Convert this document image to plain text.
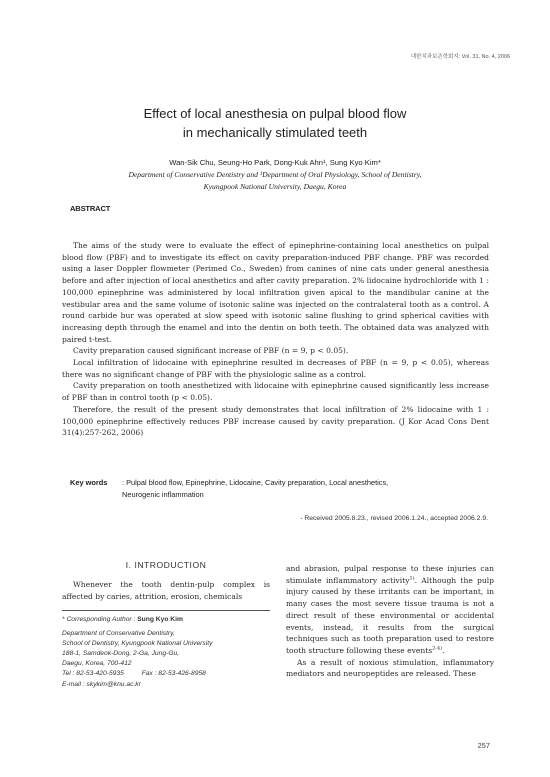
대한치과보존학회지: Vol. 31, No. 4, 2006
Effect of local anesthesia on pulpal blood flow
in mechanically stimulated teeth
Wan-Sik Chu, Seung-Ho Park, Dong-Kuk Ahn¹, Sung Kyo Kim*
Department of Conservative Dentistry and ¹Department of Oral Physiology, School of Dentistry,
Kyungpook National University, Daegu, Korea
ABSTRACT

The aims of the study were to evaluate the effect of epinephrine-containing local anesthetics on pulpal blood flow (PBF) and to investigate its effect on cavity preparation-induced PBF change. PBF was recorded using a laser Doppler flowmeter (Perimed Co., Sweden) from canines of nine cats under general anesthesia before and after injection of local anesthetics and after cavity preparation. 2% lidocaine hydrochloride with 1 : 100,000 epinephrine was administered by local infiltration given apical to the mandibular canine at the vestibular area and the same volume of isotonic saline was injected on the contralateral tooth as a control. A round carbide bur was operated at slow speed with isotonic saline flushing to grind spherical cavities with increasing depth through the enamel and into the dentin on both teeth. The obtained data was analyzed with paired t-test.

Cavity preparation caused significant increase of PBF (n = 9, p < 0.05).

Local infiltration of lidocaine with epinephrine resulted in decreases of PBF (n = 9, p < 0.05), whereas there was no significant change of PBF with the physiologic saline as a control.

Cavity preparation on tooth anesthetized with lidocaine with epinephrine caused significantly less increase of PBF than in control tooth (p < 0.05).

Therefore, the result of the present study demonstrates that local infiltration of 2% lidocaine with 1 : 100,000 epinephrine effectively reduces PBF increase caused by cavity preparation. (J Kor Acad Cons Dent 31(4):257-262, 2006)

Key words	: Pulpal blood flow, Epinephrine, Lidocaine, Cavity preparation, Local anesthetics,
Neurogenic inflammation
- Received 2005.8.23., revised 2006.1.24., accepted 2006.2.9.
Ⅰ. INTRODUCTION

Whenever the tooth dentin-pulp complex is affected by caries, attrition, erosion, chemicals

* Corresponding Author : Sung Kyo Kim
Department of Conservative Dentistry,
School of Dentistry, Kyungpook National University
188-1, Samdeok-Dong, 2-Ga, Jung-Gu,
Daegu, Korea, 700-412
Tel : 82-53-420-5935	Fax : 82-53-426-8958
E-mail : skykim@knu.ac.kr

and abrasion, pulpal response to these injuries can stimulate inflammatory activity$^{1)}$. Although the pulp injury caused by these irritants can be important, in many cases the most severe tissue trauma is not a direct result of these environmental or accidental events, instead, it results from the surgical techniques such as tooth preparation used to restore tooth structure following these events$^{2-4)}$.

As a result of noxious stimulation, inflammatory mediators and neuropeptides are released. These

257
